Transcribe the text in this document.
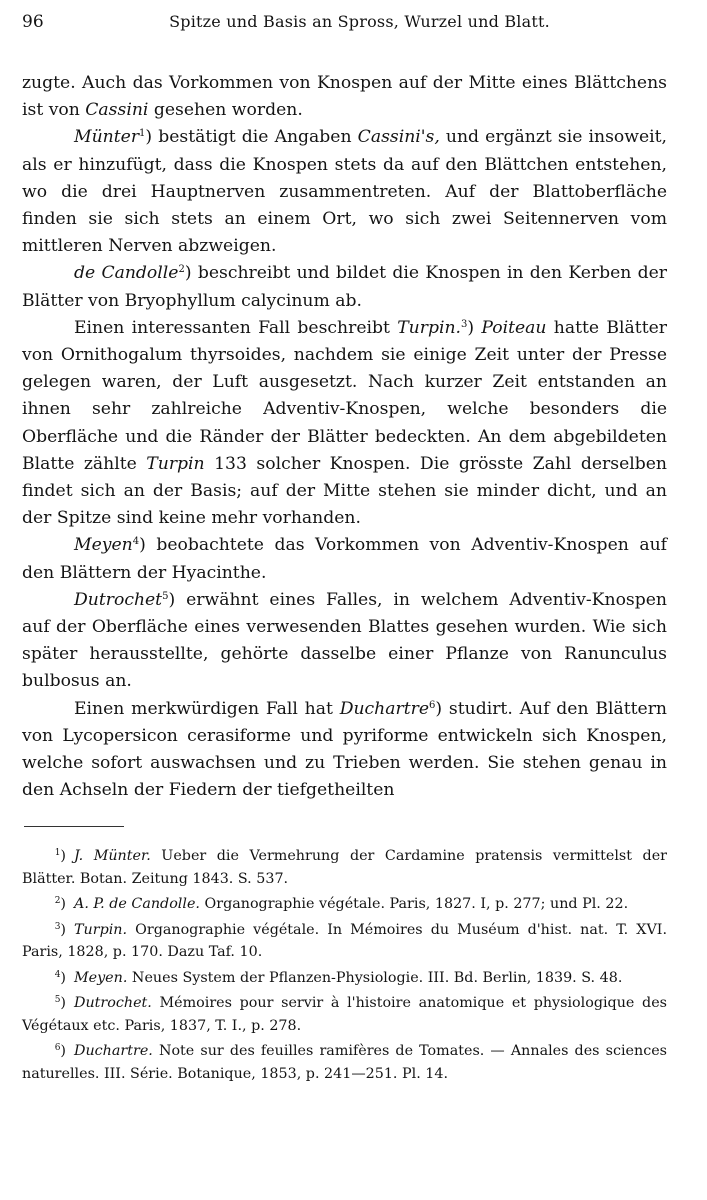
96	Spitze und Basis an Spross, Wurzel und Blatt.

zugte. Auch das Vorkommen von Knospen auf der Mitte eines Blättchens ist von Cassini gesehen worden.

Münter$^1$) bestätigt die Angaben Cassini's, und ergänzt sie insoweit, als er hinzufügt, dass die Knospen stets da auf den Blättchen entstehen, wo die drei Hauptnerven zusammentreten. Auf der Blattoberfläche finden sie sich stets an einem Ort, wo sich zwei Seitennerven vom mittleren Nerven abzweigen.

de Candolle$^2$) beschreibt und bildet die Knospen in den Kerben der Blätter von Bryophyllum calycinum ab.

Einen interessanten Fall beschreibt Turpin.$^3$) Poiteau hatte Blätter von Ornithogalum thyrsoides, nachdem sie einige Zeit unter der Presse gelegen waren, der Luft ausgesetzt. Nach kurzer Zeit entstanden an ihnen sehr zahlreiche Adventiv-Knospen, welche besonders die Oberfläche und die Ränder der Blätter bedeckten. An dem abgebildeten Blatte zählte Turpin 133 solcher Knospen. Die grösste Zahl derselben findet sich an der Basis; auf der Mitte stehen sie minder dicht, und an der Spitze sind keine mehr vorhanden.

Meyen$^4$) beobachtete das Vorkommen von Adventiv-Knospen auf den Blättern der Hyacinthe.

Dutrochet$^5$) erwähnt eines Falles, in welchem Adventiv-Knospen auf der Oberfläche eines verwesenden Blattes gesehen wurden. Wie sich später herausstellte, gehörte dasselbe einer Pflanze von Ranunculus bulbosus an.

Einen merkwürdigen Fall hat Duchartre$^6$) studirt. Auf den Blättern von Lycopersicon cerasiforme und pyriforme entwickeln sich Knospen, welche sofort auswachsen und zu Trieben werden. Sie stehen genau in den Achseln der Fiedern der tiefgetheilten

$^1$) J. Münter. Ueber die Vermehrung der Cardamine pratensis vermittelst der Blätter. Botan. Zeitung 1843. S. 537.

$^2$) A. P. de Candolle. Organographie végétale. Paris, 1827. I, p. 277; und Pl. 22.

$^3$) Turpin. Organographie végétale. In Mémoires du Muséum d'hist. nat. T. XVI. Paris, 1828, p. 170. Dazu Taf. 10.

$^4$) Meyen. Neues System der Pflanzen-Physiologie. III. Bd. Berlin, 1839. S. 48.

$^5$) Dutrochet. Mémoires pour servir à l'histoire anatomique et physiologique des Végétaux etc. Paris, 1837, T. I., p. 278.

$^6$) Duchartre. Note sur des feuilles ramifères de Tomates. — Annales des sciences naturelles. III. Série. Botanique, 1853, p. 241—251. Pl. 14.
